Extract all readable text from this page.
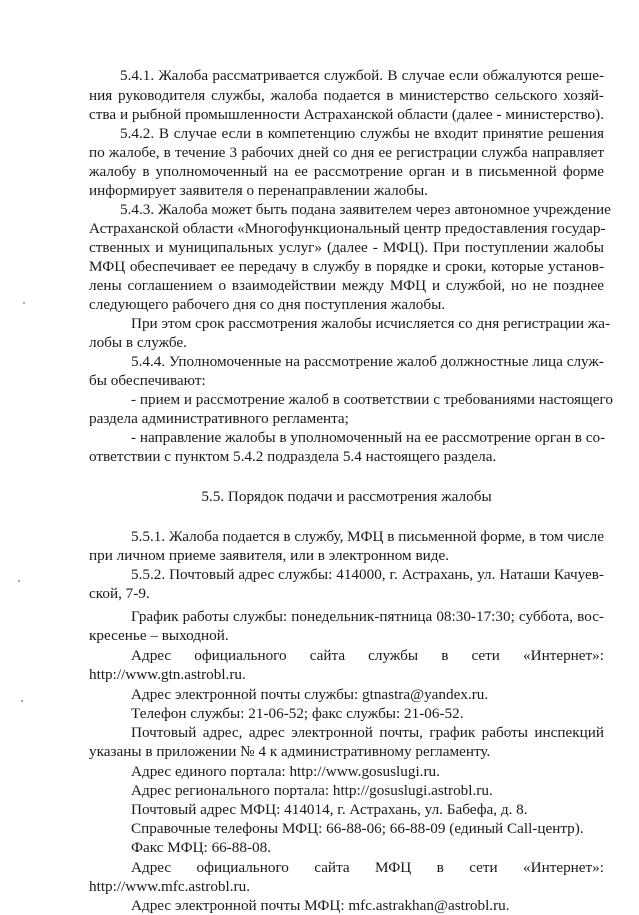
5.4.1. Жалоба рассматривается службой. В случае если обжалуются реше-
ния руководителя службы, жалоба подается в министерство сельского хозяй-
ства и рыбной промышленности Астраханской области (далее - министерство).
5.4.2. В случае если в компетенцию службы не входит принятие решения
по жалобе, в течение 3 рабочих дней со дня ее регистрации служба направляет
жалобу в уполномоченный на ее рассмотрение орган и в письменной форме
информирует заявителя о перенаправлении жалобы.
5.4.3. Жалоба может быть подана заявителем через автономное учреждение
Астраханской области «Многофункциональный центр предоставления государ-
ственных и муниципальных услуг» (далее - МФЦ). При поступлении жалобы
МФЦ обеспечивает ее передачу в службу в порядке и сроки, которые установ-
лены соглашением о взаимодействии между МФЦ и службой, но не позднее
следующего рабочего дня со дня поступления жалобы.
При этом срок рассмотрения жалобы исчисляется со дня регистрации жа-
лобы в службе.
5.4.4. Уполномоченные на рассмотрение жалоб должностные лица служ-
бы обеспечивают:
- прием и рассмотрение жалоб в соответствии с требованиями настоящего
раздела административного регламента;
- направление жалобы в уполномоченный на ее рассмотрение орган в со-
ответствии с пунктом 5.4.2 подраздела 5.4 настоящего раздела.
5.5. Порядок подачи и рассмотрения жалобы
5.5.1. Жалоба подается в службу, МФЦ в письменной форме, в том числе
при личном приеме заявителя, или в электронном виде.
5.5.2. Почтовый адрес службы: 414000, г. Астрахань, ул. Наташи Качуев-
ской, 7-9.
График работы службы: понедельник-пятница 08:30-17:30; суббота, вос-
кресенье – выходной.
Адрес официального сайта службы в сети «Интернет»:
http://www.gtn.astrobl.ru.
Адрес электронной почты службы: gtnastra@yandex.ru.
Телефон службы: 21-06-52; факс службы: 21-06-52.
Почтовый адрес, адрес электронной почты, график работы инспекций
указаны в приложении № 4 к административному регламенту.
Адрес единого портала: http://www.gosuslugi.ru.
Адрес регионального портала: http://gosuslugi.astrobl.ru.
Почтовый адрес МФЦ: 414014, г. Астрахань, ул. Бабефа, д. 8.
Справочные телефоны МФЦ: 66-88-06; 66-88-09 (единый Call-центр).
Факс МФЦ: 66-88-08.
Адрес официального сайта МФЦ в сети «Интернет»:
http://www.mfc.astrobl.ru.
Адрес электронной почты МФЦ: mfc.astrakhan@astrobl.ru.
